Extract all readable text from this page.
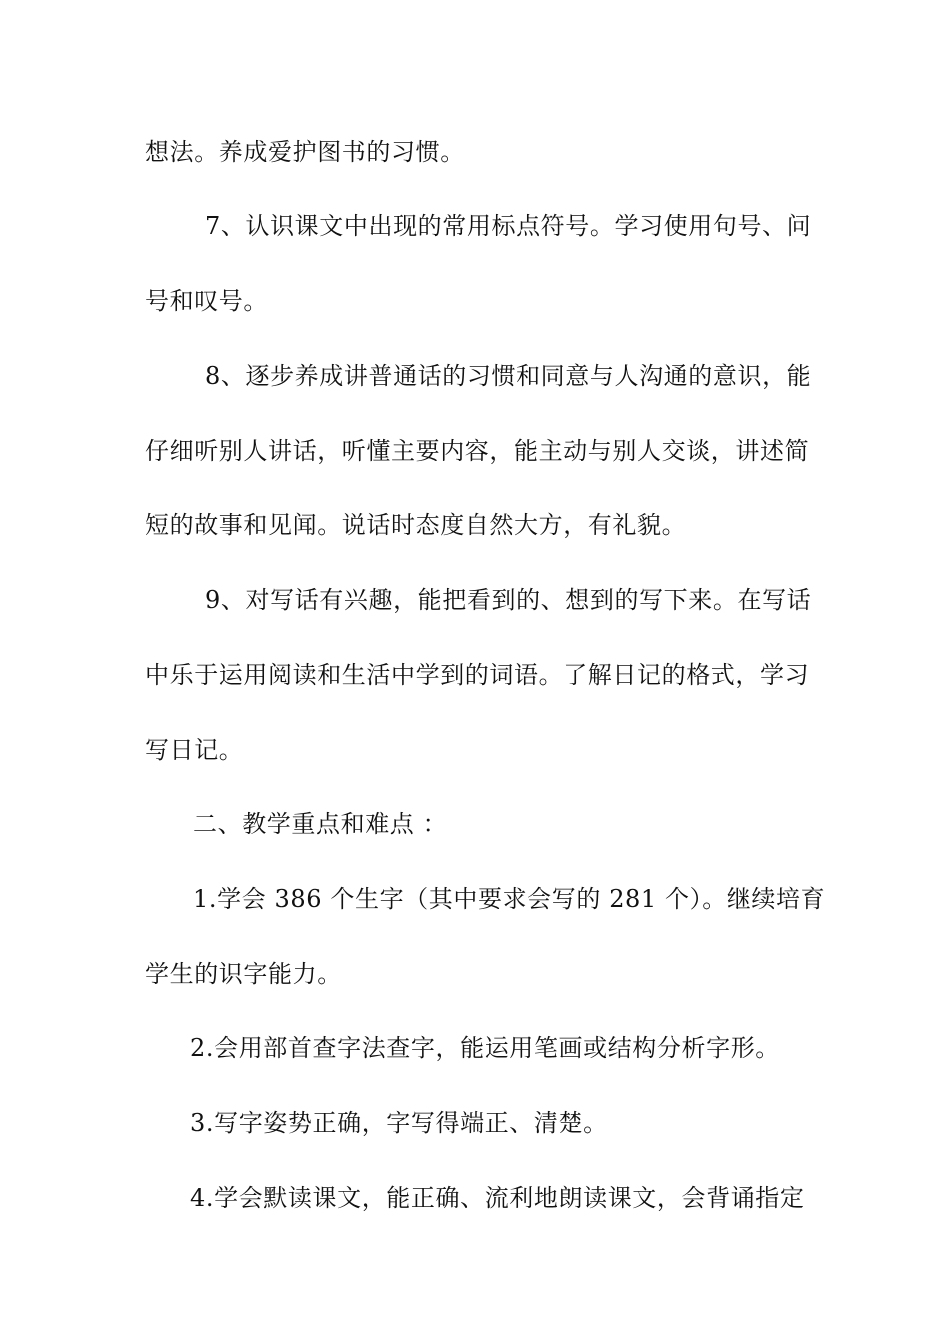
想法。养成爱护图书的习惯。
7、认识课文中出现的常用标点符号。学习使用句号、问
号和叹号。
8、逐步养成讲普通话的习惯和同意与人沟通的意识，能
仔细听别人讲话，听懂主要内容，能主动与别人交谈，讲述简
短的故事和见闻。说话时态度自然大方，有礼貌。
9、对写话有兴趣，能把看到的、想到的写下来。在写话
中乐于运用阅读和生活中学到的词语。了解日记的格式，学习
写日记。
二、教学重点和难点 ：
1.学会 386 个生字（其中要求会写的 281 个）。继续培育
学生的识字能力。
2.会用部首查字法查字，能运用笔画或结构分析字形。
3.写字姿势正确，字写得端正、清楚。
4.学会默读课文，能正确、流利地朗读课文，会背诵指定
